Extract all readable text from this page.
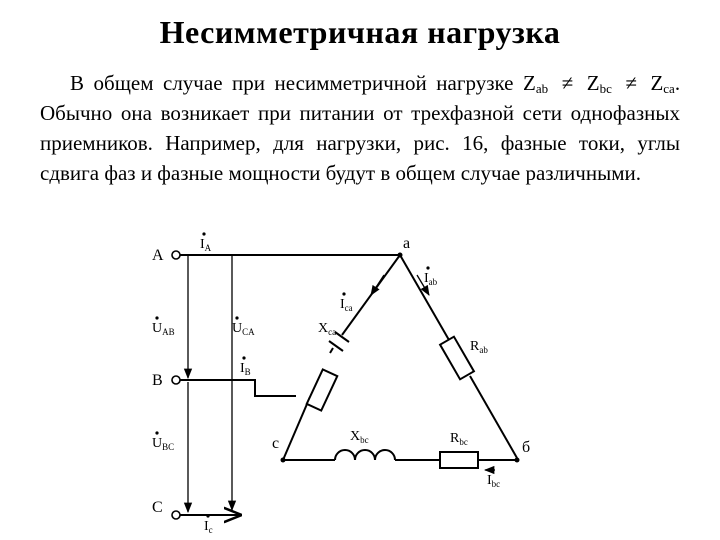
Несимметричная нагрузка
В общем случае при несимметричной нагрузке $Z_{ab} \ne Z_{bc} \ne Z_{ca}$. Обычно она возникает при питании от трехфазной сети однофазных приемников. Например, для нагрузки, рис. 16, фазные токи, углы сдвига фаз и фазные мощности будут в общем случае различными.
A
B
C
a
с	б
$I_A$
$I_B$
$I_c$
$I_{ab}$
$I_{ca}$
$I_{bc}$
$U_{AB}$	$U_{CA}$
$U_{BC}$
$X_{ca}$
$R_{ab}$
$X_{bc}$	$R_{bc}$
